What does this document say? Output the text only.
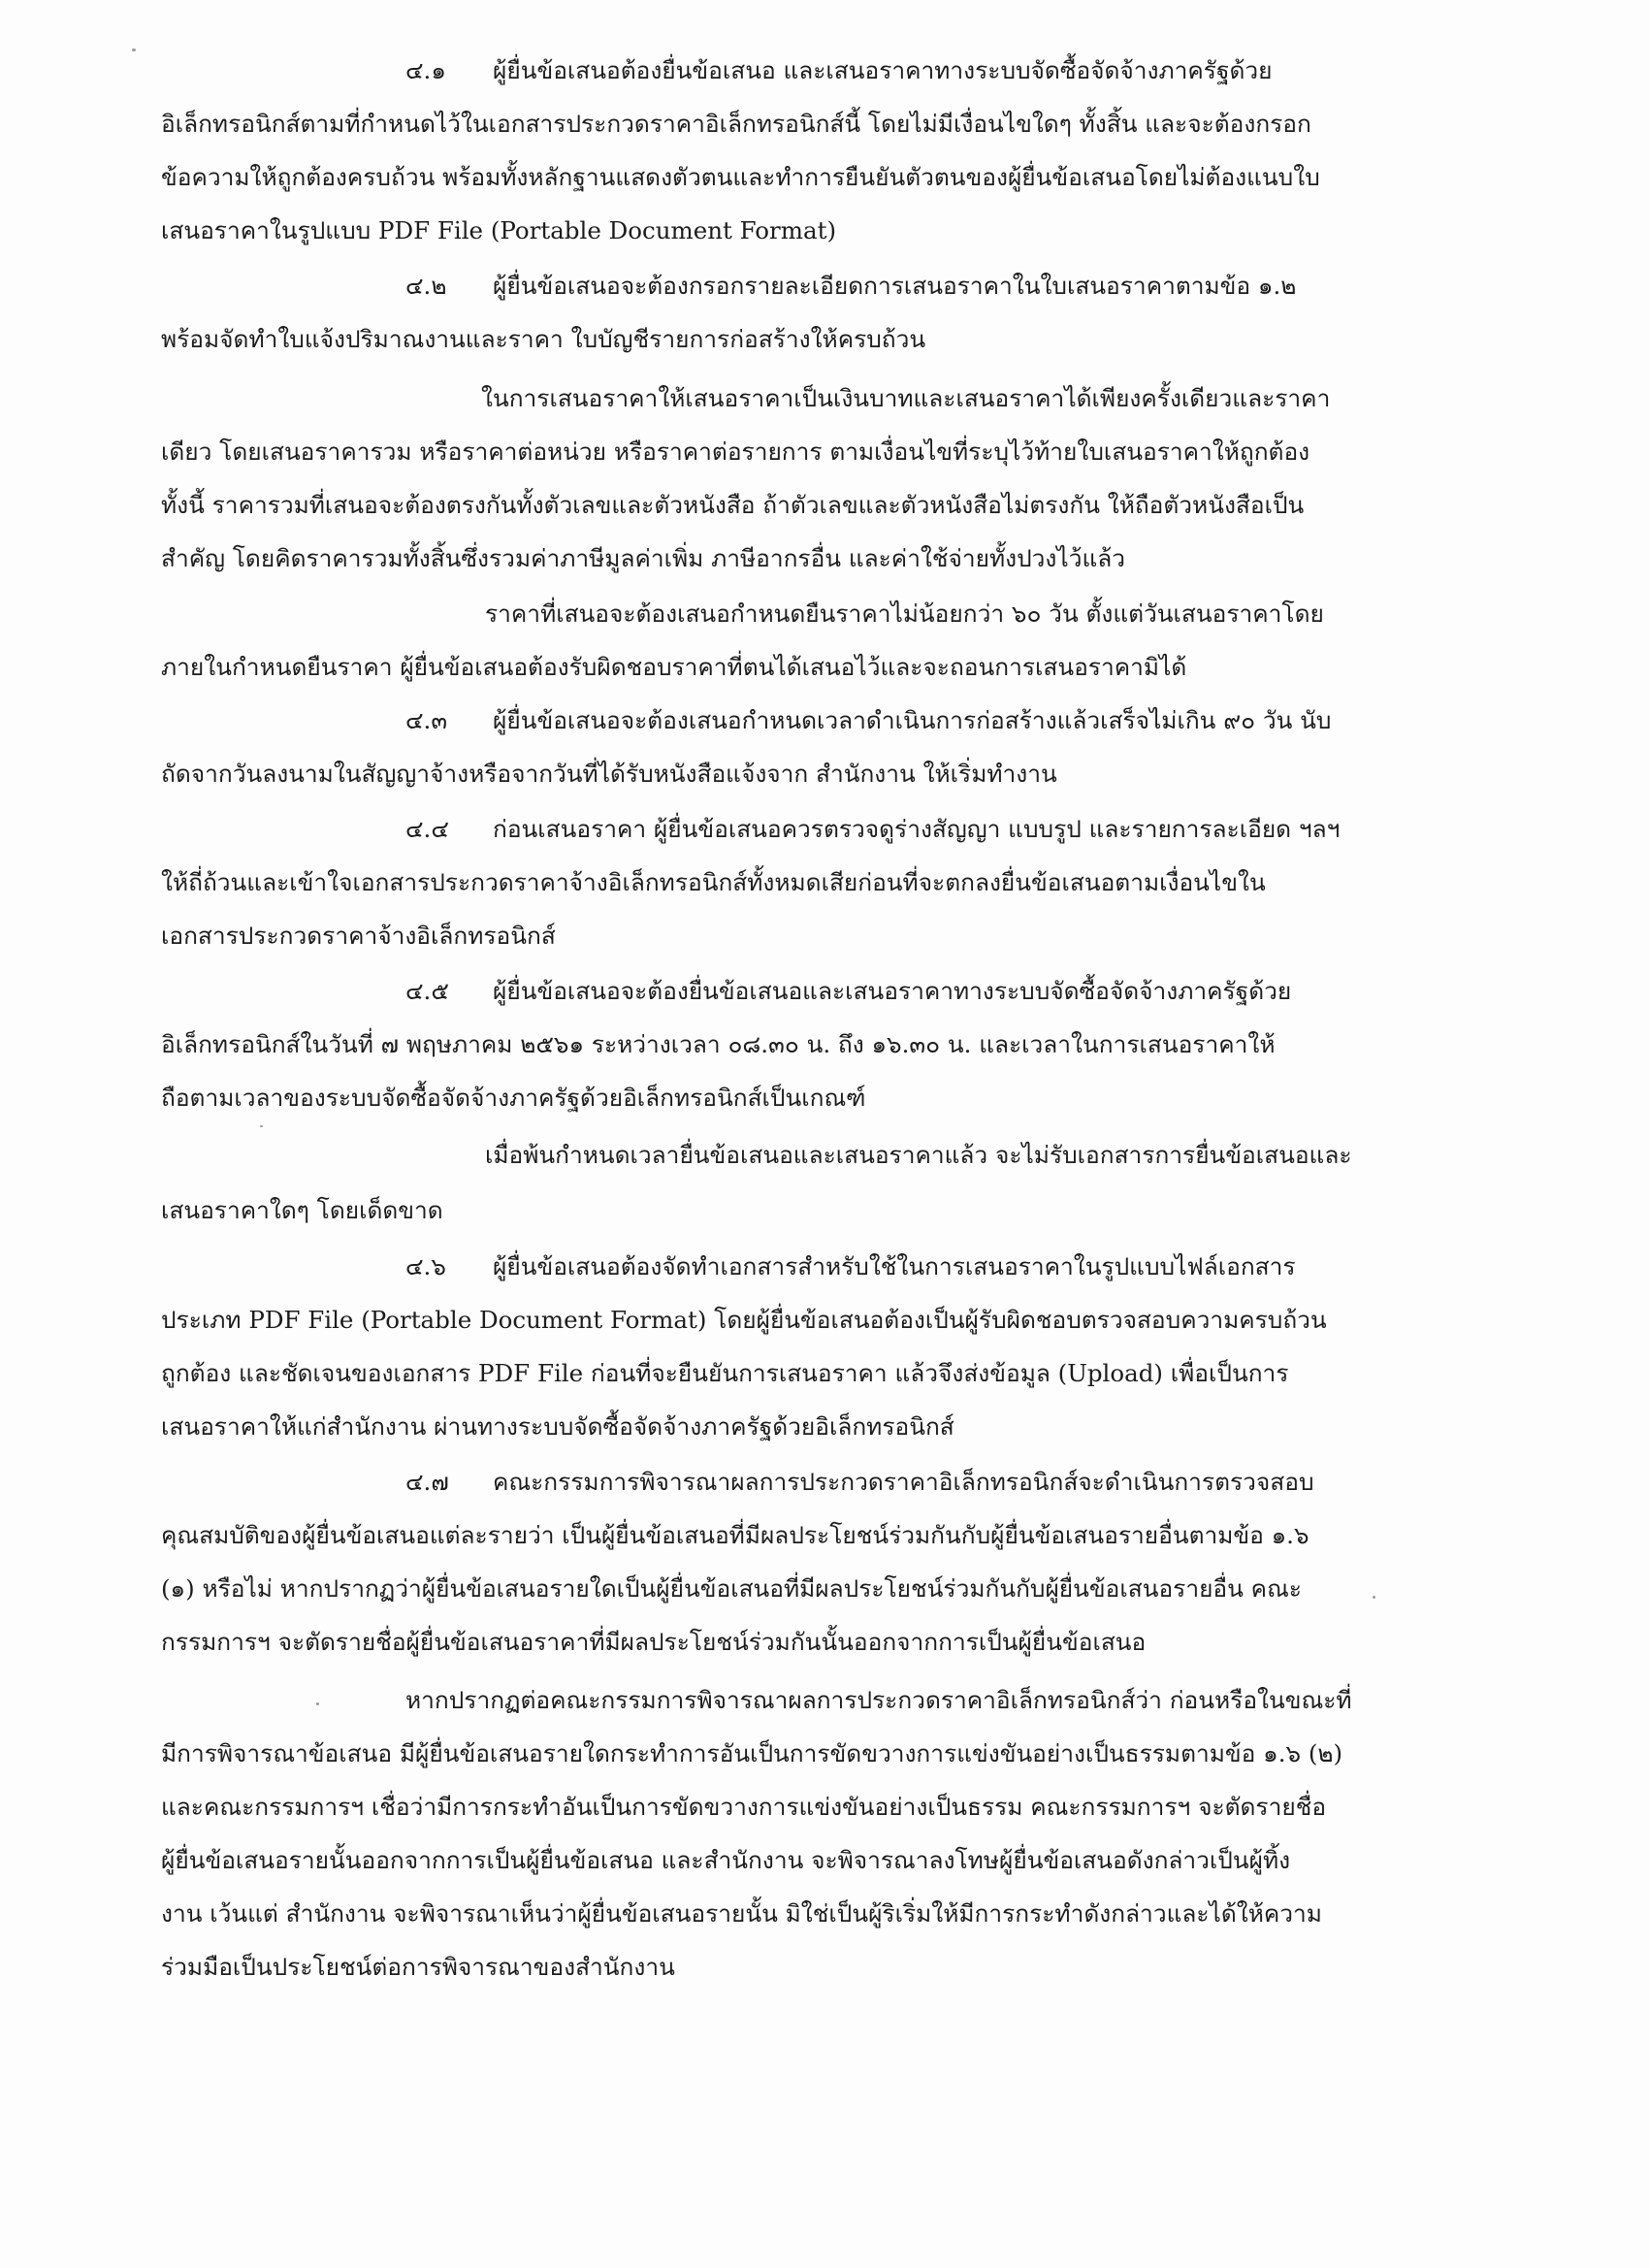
๔.๑ ผู้ยื่นข้อเสนอต้องยื่นข้อเสนอ และเสนอราคาทางระบบจัดซื้อจัดจ้างภาครัฐด้วย
อิเล็กทรอนิกส์ตามที่กำหนดไว้ในเอกสารประกวดราคาอิเล็กทรอนิกส์นี้ โดยไม่มีเงื่อนไขใดๆ ทั้งสิ้น และจะต้องกรอก
ข้อความให้ถูกต้องครบถ้วน พร้อมทั้งหลักฐานแสดงตัวตนและทำการยืนยันตัวตนของผู้ยื่นข้อเสนอโดยไม่ต้องแนบใบ
เสนอราคาในรูปแบบ PDF File (Portable Document Format)
๔.๒ ผู้ยื่นข้อเสนอจะต้องกรอกรายละเอียดการเสนอราคาในใบเสนอราคาตามข้อ ๑.๒
พร้อมจัดทำใบแจ้งปริมาณงานและราคา ใบบัญชีรายการก่อสร้างให้ครบถ้วน
ในการเสนอราคาให้เสนอราคาเป็นเงินบาทและเสนอราคาได้เพียงครั้งเดียวและราคา
เดียว โดยเสนอราคารวม หรือราคาต่อหน่วย หรือราคาต่อรายการ ตามเงื่อนไขที่ระบุไว้ท้ายใบเสนอราคาให้ถูกต้อง
ทั้งนี้ ราคารวมที่เสนอจะต้องตรงกันทั้งตัวเลขและตัวหนังสือ ถ้าตัวเลขและตัวหนังสือไม่ตรงกัน ให้ถือตัวหนังสือเป็น
สำคัญ โดยคิดราคารวมทั้งสิ้นซึ่งรวมค่าภาษีมูลค่าเพิ่ม ภาษีอากรอื่น และค่าใช้จ่ายทั้งปวงไว้แล้ว
ราคาที่เสนอจะต้องเสนอกำหนดยืนราคาไม่น้อยกว่า ๖๐ วัน ตั้งแต่วันเสนอราคาโดย
ภายในกำหนดยืนราคา ผู้ยื่นข้อเสนอต้องรับผิดชอบราคาที่ตนได้เสนอไว้และจะถอนการเสนอราคามิได้
๔.๓ ผู้ยื่นข้อเสนอจะต้องเสนอกำหนดเวลาดำเนินการก่อสร้างแล้วเสร็จไม่เกิน ๙๐ วัน นับ
ถัดจากวันลงนามในสัญญาจ้างหรือจากวันที่ได้รับหนังสือแจ้งจาก สำนักงาน ให้เริ่มทำงาน
๔.๔ ก่อนเสนอราคา ผู้ยื่นข้อเสนอควรตรวจดูร่างสัญญา แบบรูป และรายการละเอียด ฯลฯ
ให้ถี่ถ้วนและเข้าใจเอกสารประกวดราคาจ้างอิเล็กทรอนิกส์ทั้งหมดเสียก่อนที่จะตกลงยื่นข้อเสนอตามเงื่อนไขใน
เอกสารประกวดราคาจ้างอิเล็กทรอนิกส์
๔.๕ ผู้ยื่นข้อเสนอจะต้องยื่นข้อเสนอและเสนอราคาทางระบบจัดซื้อจัดจ้างภาครัฐด้วย
อิเล็กทรอนิกส์ในวันที่ ๗ พฤษภาคม ๒๕๖๑ ระหว่างเวลา ๐๘.๓๐ น. ถึง ๑๖.๓๐ น. และเวลาในการเสนอราคาให้
ถือตามเวลาของระบบจัดซื้อจัดจ้างภาครัฐด้วยอิเล็กทรอนิกส์เป็นเกณฑ์
เมื่อพ้นกำหนดเวลายื่นข้อเสนอและเสนอราคาแล้ว จะไม่รับเอกสารการยื่นข้อเสนอและ
เสนอราคาใดๆ โดยเด็ดขาด
๔.๖ ผู้ยื่นข้อเสนอต้องจัดทำเอกสารสำหรับใช้ในการเสนอราคาในรูปแบบไฟล์เอกสาร
ประเภท PDF File (Portable Document Format) โดยผู้ยื่นข้อเสนอต้องเป็นผู้รับผิดชอบตรวจสอบความครบถ้วน
ถูกต้อง และชัดเจนของเอกสาร PDF File ก่อนที่จะยืนยันการเสนอราคา แล้วจึงส่งข้อมูล (Upload) เพื่อเป็นการ
เสนอราคาให้แก่สำนักงาน ผ่านทางระบบจัดซื้อจัดจ้างภาครัฐด้วยอิเล็กทรอนิกส์
๔.๗ คณะกรรมการพิจารณาผลการประกวดราคาอิเล็กทรอนิกส์จะดำเนินการตรวจสอบ
คุณสมบัติของผู้ยื่นข้อเสนอแต่ละรายว่า เป็นผู้ยื่นข้อเสนอที่มีผลประโยชน์ร่วมกันกับผู้ยื่นข้อเสนอรายอื่นตามข้อ ๑.๖
(๑) หรือไม่ หากปรากฏว่าผู้ยื่นข้อเสนอรายใดเป็นผู้ยื่นข้อเสนอที่มีผลประโยชน์ร่วมกันกับผู้ยื่นข้อเสนอรายอื่น คณะ
กรรมการฯ จะตัดรายชื่อผู้ยื่นข้อเสนอราคาที่มีผลประโยชน์ร่วมกันนั้นออกจากการเป็นผู้ยื่นข้อเสนอ
หากปรากฏต่อคณะกรรมการพิจารณาผลการประกวดราคาอิเล็กทรอนิกส์ว่า ก่อนหรือในขณะที่
มีการพิจารณาข้อเสนอ มีผู้ยื่นข้อเสนอรายใดกระทำการอันเป็นการขัดขวางการแข่งขันอย่างเป็นธรรมตามข้อ ๑.๖ (๒)
และคณะกรรมการฯ เชื่อว่ามีการกระทำอันเป็นการขัดขวางการแข่งขันอย่างเป็นธรรม คณะกรรมการฯ จะตัดรายชื่อ
ผู้ยื่นข้อเสนอรายนั้นออกจากการเป็นผู้ยื่นข้อเสนอ และสำนักงาน จะพิจารณาลงโทษผู้ยื่นข้อเสนอดังกล่าวเป็นผู้ทิ้ง
งาน เว้นแต่ สำนักงาน จะพิจารณาเห็นว่าผู้ยื่นข้อเสนอรายนั้น มิใช่เป็นผู้ริเริ่มให้มีการกระทำดังกล่าวและได้ให้ความ
ร่วมมือเป็นประโยชน์ต่อการพิจารณาของสำนักงาน
